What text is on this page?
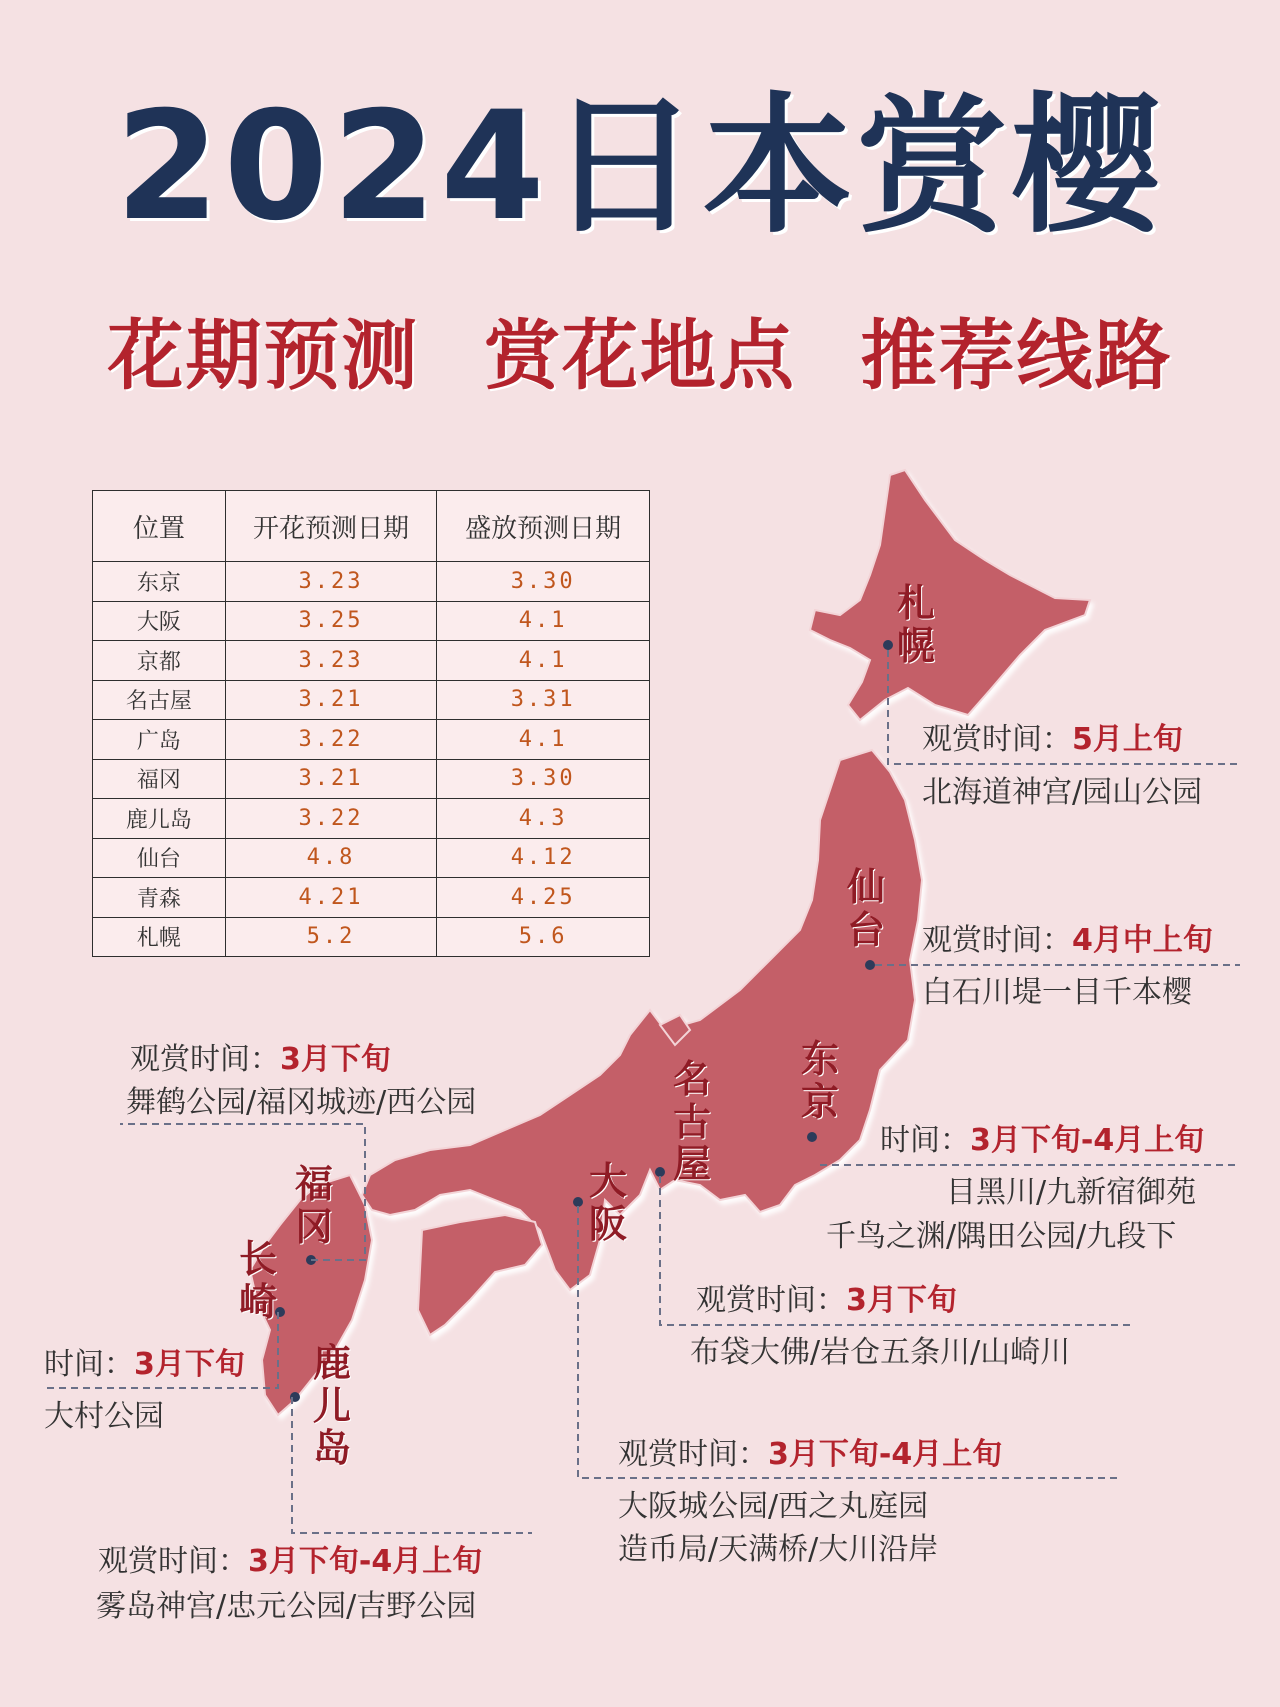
2024日本赏樱
花期预测 赏花地点 推荐线路
位置	开花预测日期	盛放预测日期
东京	3.23	3.30
大阪	3.25	4.1
京都	3.23	4.1
名古屋	3.21	3.31
广岛	3.22	4.1
福冈	3.21	3.30
鹿儿岛	3.22	4.3
仙台	4.8	4.12
青森	4.21	4.25
札幌	5.2	5.6
札幌
仙台
东京
名古屋
大阪
福冈
长崎
鹿儿岛
观赏时间：5月上旬
北海道神宫/园山公园
观赏时间：4月中上旬
白石川堤一目千本樱
时间：3月下旬-4月上旬
目黑川/九新宿御苑
千鸟之渊/隅田公园/九段下
观赏时间：3月下旬
舞鹤公园/福冈城迹/西公园
观赏时间：3月下旬
布袋大佛/岩仓五条川/山崎川
时间：3月下旬
大村公园
观赏时间：3月下旬-4月上旬
大阪城公园/西之丸庭园
造币局/天满桥/大川沿岸
观赏时间：3月下旬-4月上旬
雾岛神宫/忠元公园/吉野公园
